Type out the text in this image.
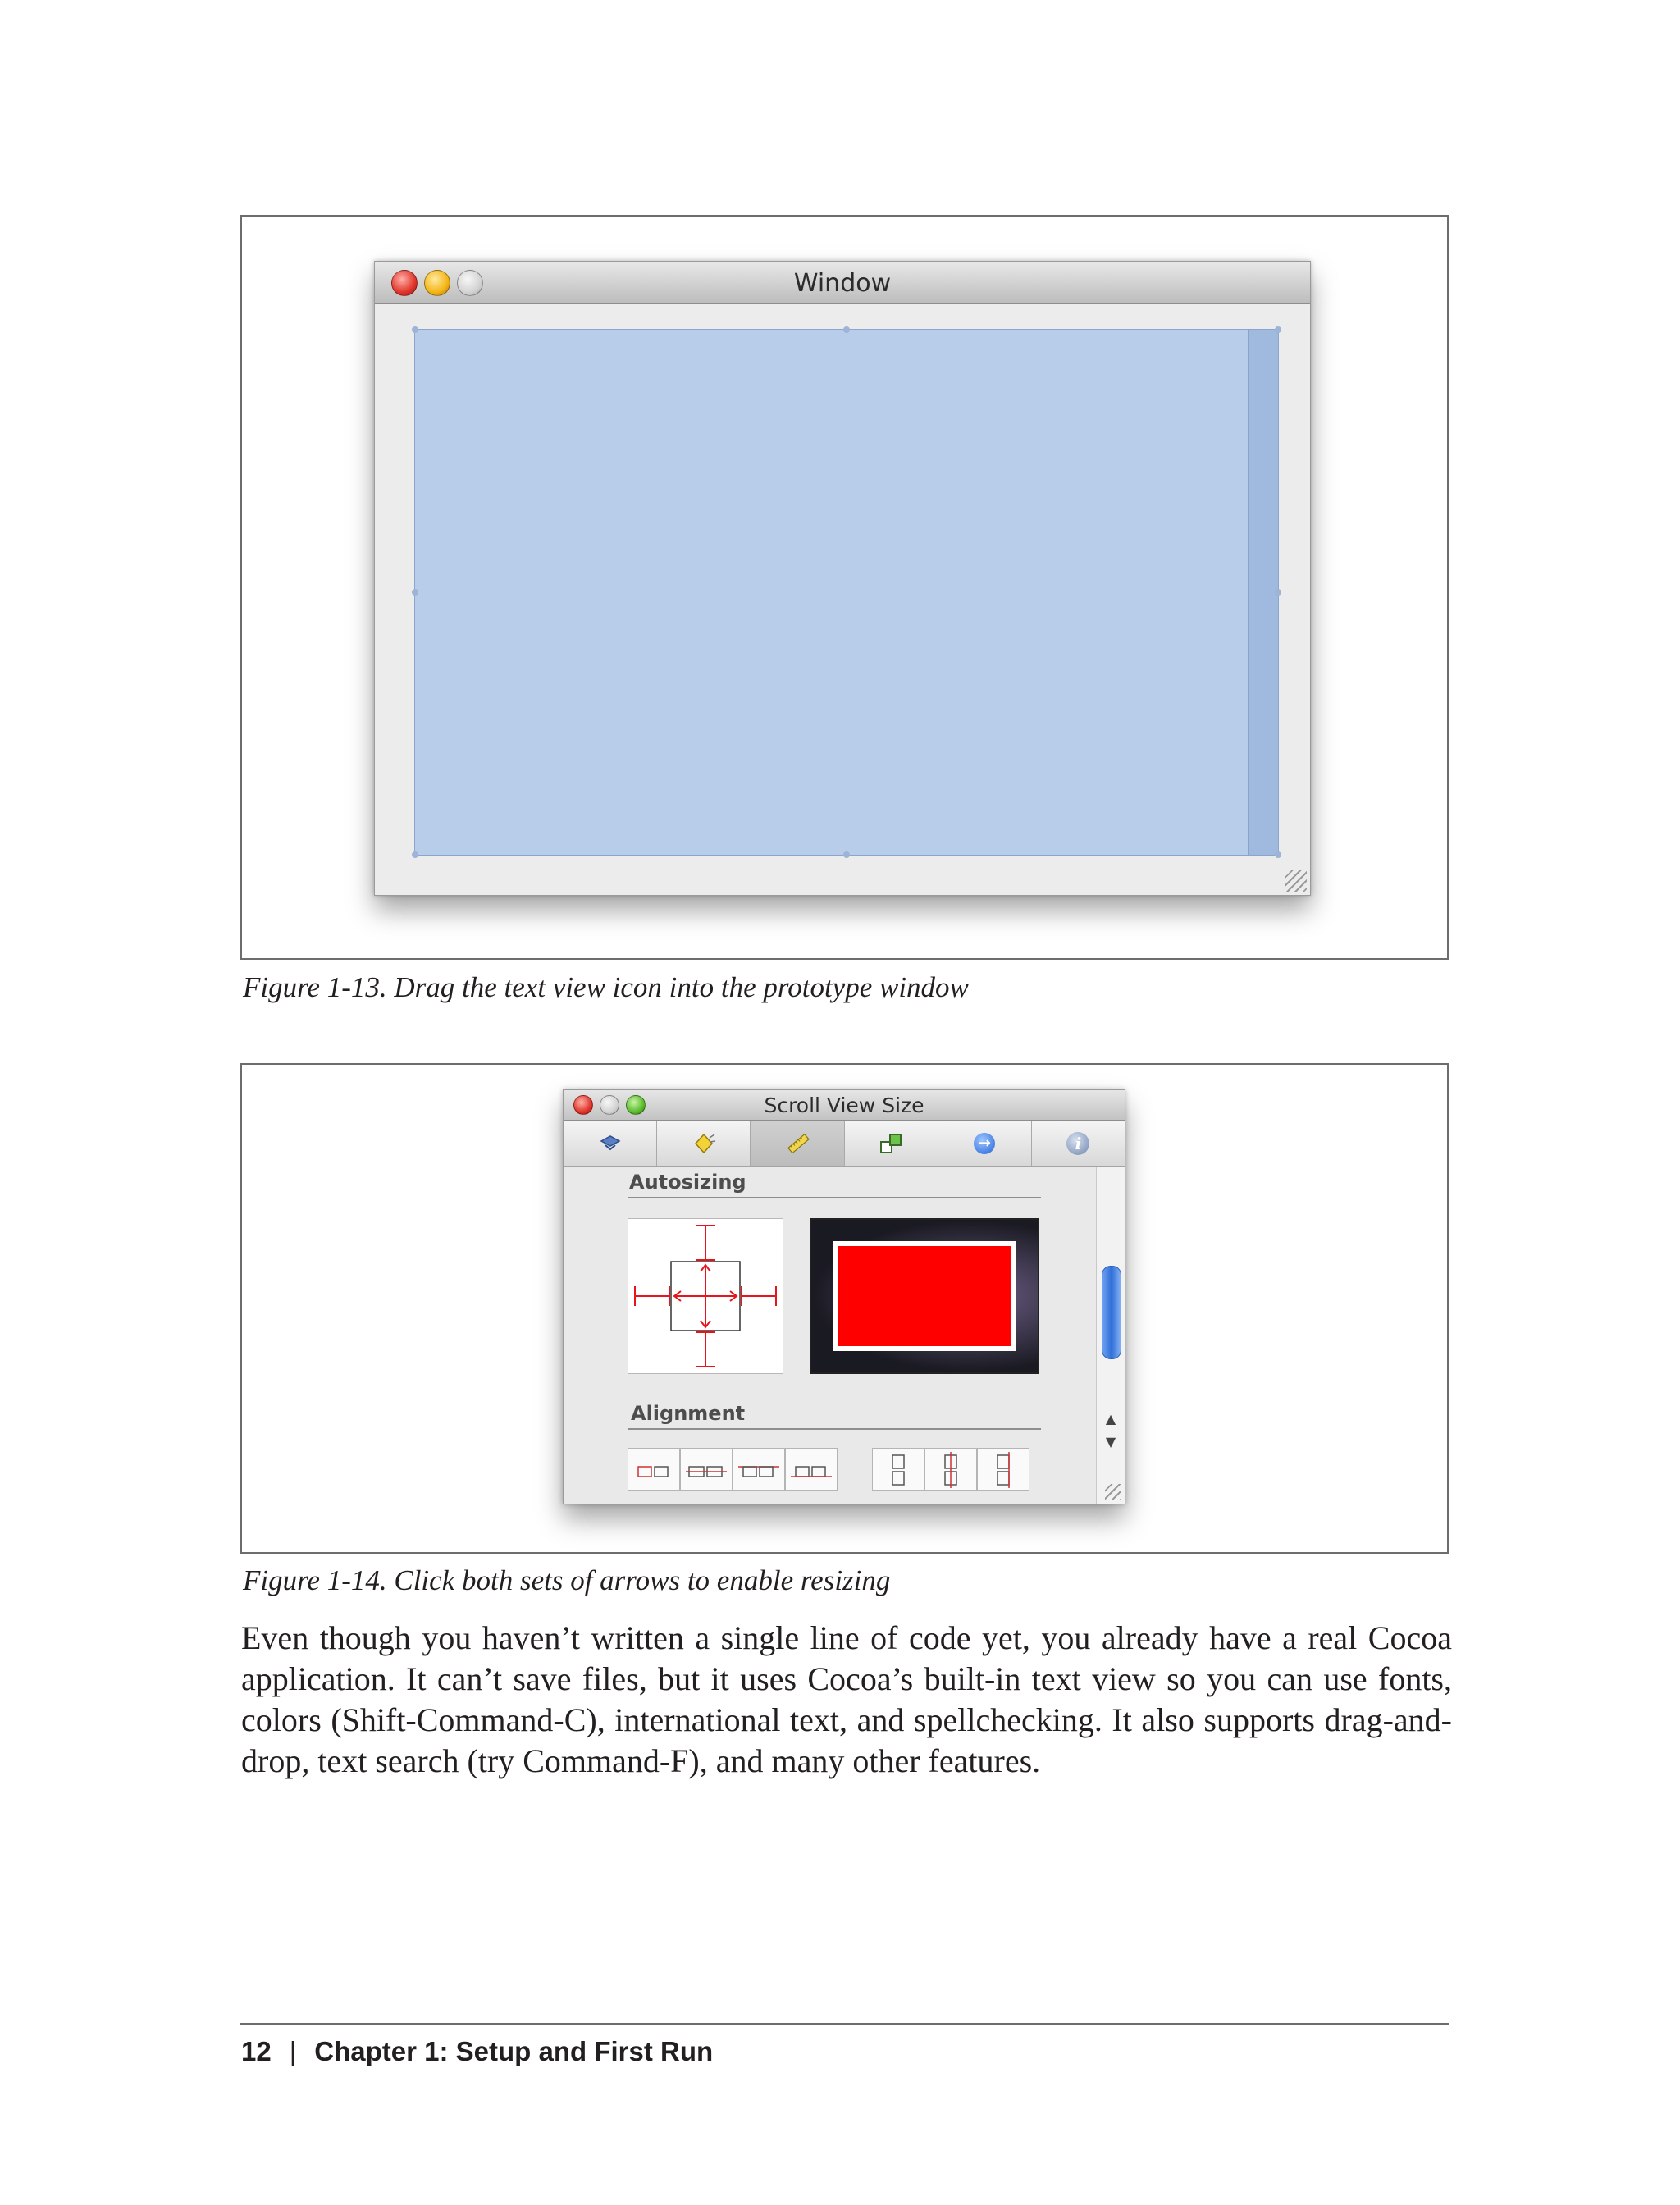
Window
Figure 1-13. Drag the text view icon into the prototype window
Scroll View Size
→	i
Autosizing
Alignment	▲
▼
Figure 1-14. Click both sets of arrows to enable resizing
Even though you haven’t written a single line of code yet, you already have a real Cocoa application. It can’t save files, but it uses Cocoa’s built-in text view so you can use fonts, colors (Shift-Command-C), international text, and spellchecking. It also supports drag-and-drop, text search (try Command-F), and many other features.
12 | Chapter 1: Setup and First Run
